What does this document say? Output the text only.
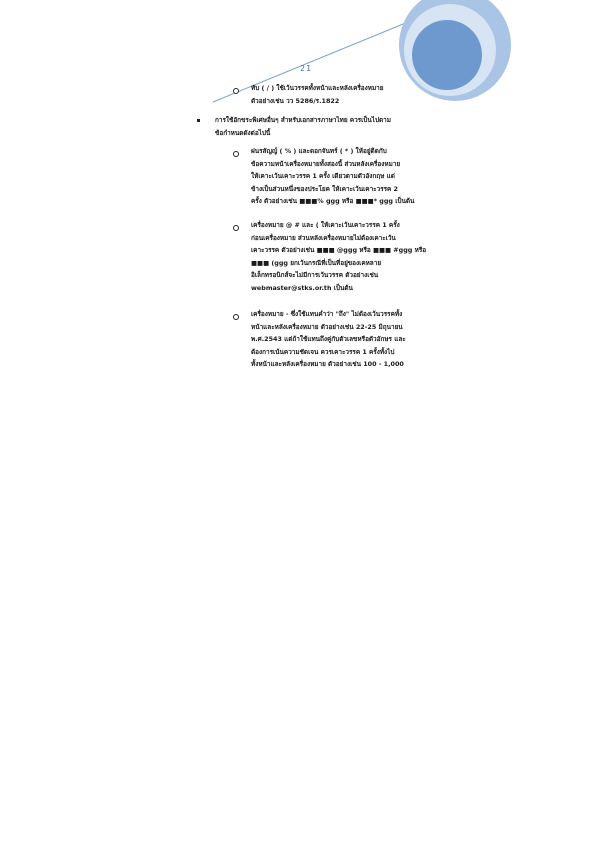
21
ทับ ( / ) ใช้เว้นวรรคทั้งหน้าและหลังเครื่องหมาย
ตัวอย่างเช่น วว 5286/ร.1822
การใช้อักขระพิเศษอื่นๆ สำหรับเอกสารภาษาไทย ควรเป็นไปตาม
ข้อกำหนดดังต่อไปนี้
ฝนรสัญญ์ ( % ) และดอกจันทร์ ( * ) ให้อยู่ติดกับ
ข้อความหน้าเครื่องหมายทั้งสองนี้ ส่วนหลังเครื่องหมาย
ให้เคาะเว้นเคาะวรรค 1 ครั้ง เดียวตามตัวอังกฤษ แต่
ข้างเป็นส่วนหนึ่งของประโยค ให้เคาะเว้นเคาะวรรค 2
ครั้ง ตัวอย่างเช่น ■■■% ggg หรือ ■■■* ggg เป็นต้น
เครื่องหมาย @ # และ ( ให้เคาะเว้นเคาะวรรค 1 ครั้ง
ก่อนเครื่องหมาย ส่วนหลังเครื่องหมายไม่ต้องเคาะเว้น
เคาะวรรค ตัวอย่างเช่น ■■■ @ggg หรือ ■■■ #ggg หรือ
■■■ (ggg ยกเว้นกรณีที่เป็นที่อยู่ของเคหลาย
อิเล็กทรอนิกส์จะไม่มีการเว้นวรรค ตัวอย่างเช่น
webmaster@stks.or.th เป็นต้น
เครื่องหมาย - ซึ่งใช้แทนคำว่า "ถึง" ไม่ต้องเว้นวรรคทั้ง
หน้าและหลังเครื่องหมาย ตัวอย่างเช่น 22-25 มิถุนายน
พ.ศ.2543 แต่ถ้าใช้แทนถึงคู่กับตัวเลขหรือตัวอักษร และ
ต้องการเน้นความชัดเจน ควรเคาะวรรค 1 ครั้งทั้งไป
ทั้งหน้าและหลังเครื่องหมาย ตัวอย่างเช่น 100 - 1,000
